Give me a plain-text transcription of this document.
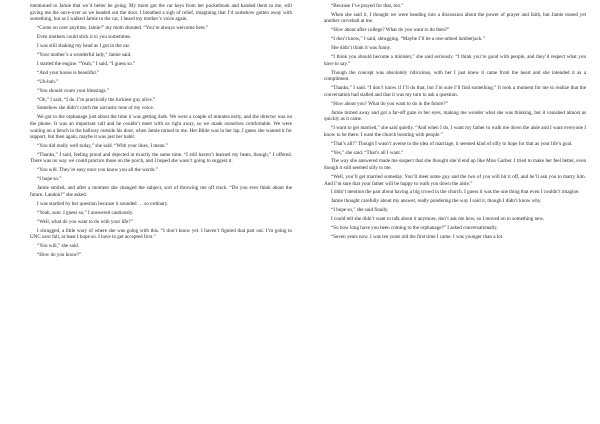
mentioned to Jamie that we’d better be going. My mom got the car keys from her pocketbook and handed them to me, still giving me the once-over as we headed out the door. I breathed a sigh of relief, imagining that I’d somehow gotten away with something, but as I walked Jamie to the car, I heard my mother’s voice again.

“Come on over anytime, Jamie!” my mom shouted. “You’re always welcome here.”

Even mothers could stick it to you sometimes.

I was still shaking my head as I got in the car.

“Your mother’s a wonderful lady,” Jamie said.

I started the engine. “Yeah,” I said, “I guess so.”

“And your house is beautiful.”

“Uh-huh.”

“You should count your blessings.”

“Oh,” I said, “I do. I’m practically the luckiest guy alive.”

Somehow she didn’t catch the sarcastic tone of my voice.

We got to the orphanage just about the time it was getting dark. We were a couple of minutes early, and the director was on the phone. It was an important call and he couldn’t meet with us right away, so we made ourselves comfortable. We were waiting on a bench in the hallway outside his door, when Jamie turned to me. Her Bible was in her lap, I guess she wanted it for support, but then again, maybe it was just her habit.

“You did really well today,” she said. “With your lines, I mean.”

“Thanks,” I said, feeling proud and dejected at exactly the same time. “I still haven’t learned my beats, though,” I offered. There was no way we could practice those on the porch, and I hoped she wasn’t going to suggest it.

“You will. They’re easy once you know you all the words.”

“I hope so.”

Jamie smiled, and after a moment she changed the subject, sort of throwing me off track. “Do you ever think about the future, Landon?” she asked.

I was startled by her question because it sounded … so ordinary.

“Yeah, sure. I guess so,” I answered cautiously.

“Well, what do you want to do with your life?”

I shrugged, a little wary of where she was going with this. “I don’t know yet. I haven’t figured that part out. I’m going to UNC next fall, at least I hope so. I have to get accepted first.”

“You will,” she said.

“How do you know?”

“Because I’ve prayed for that, too.”

When she said it, I thought we were heading into a discussion about the power of prayer and faith, but Jamie tossed yet another curveball at me.

“How about after college? What do you want to do then?”

“I don’t know,” I said, shrugging. “Maybe I’ll be a one-armed lumberjack.”

She didn’t think it was funny.

“I think you should become a minister,” she said seriously. “I think you’re good with people, and they’d respect what you have to say.”

Though the concept was absolutely ridiculous, with her I just knew it came from the heart and she intended it as a compliment.

“Thanks,” I said. “I don’t know if I’ll do that, but I’m sure I’ll find something.” It took a moment for me to realize that the conversation had stalled and that it was my turn to ask a question.

“How about you? What do you want to do in the future?”

Jamie turned away and got a far-off gaze in her eyes, making me wonder what she was thinking, but it vanished almost as quickly as it came.

“I want to get married,” she said quietly. “And when I do, I want my father to walk me down the aisle and I want everyone I know to be there. I want the church bursting with people.”

“That’s all?” Though I wasn’t averse to the idea of marriage, it seemed kind of silly to hope for that as your life’s goal.

“Yes,” she said. “That’s all I want.”

The way she answered made me suspect that she thought she’d end up like Miss Garber. I tried to make her feel better, even though it still seemed silly to me.

“Well, you’ll get married someday. You’ll meet some guy and the two of you will hit it off, and he’ll ask you to marry him. And I’m sure that your father will be happy to walk you down the aisle.”

I didn’t mention the part about having a big crowd in the church. I guess it was the one thing that even I couldn’t imagine.

Jamie thought carefully about my answer, really pondering the way I said it, though I didn’t know why.

“I hope so,” she said finally.

I could tell she didn’t want to talk about it anymore, don’t ask me how, so I moved on to something new.

“So how long have you been coming to the orphanage?” I asked conversationally.

“Seven years now. I was ten years old the first time I came. I was younger than a lot
